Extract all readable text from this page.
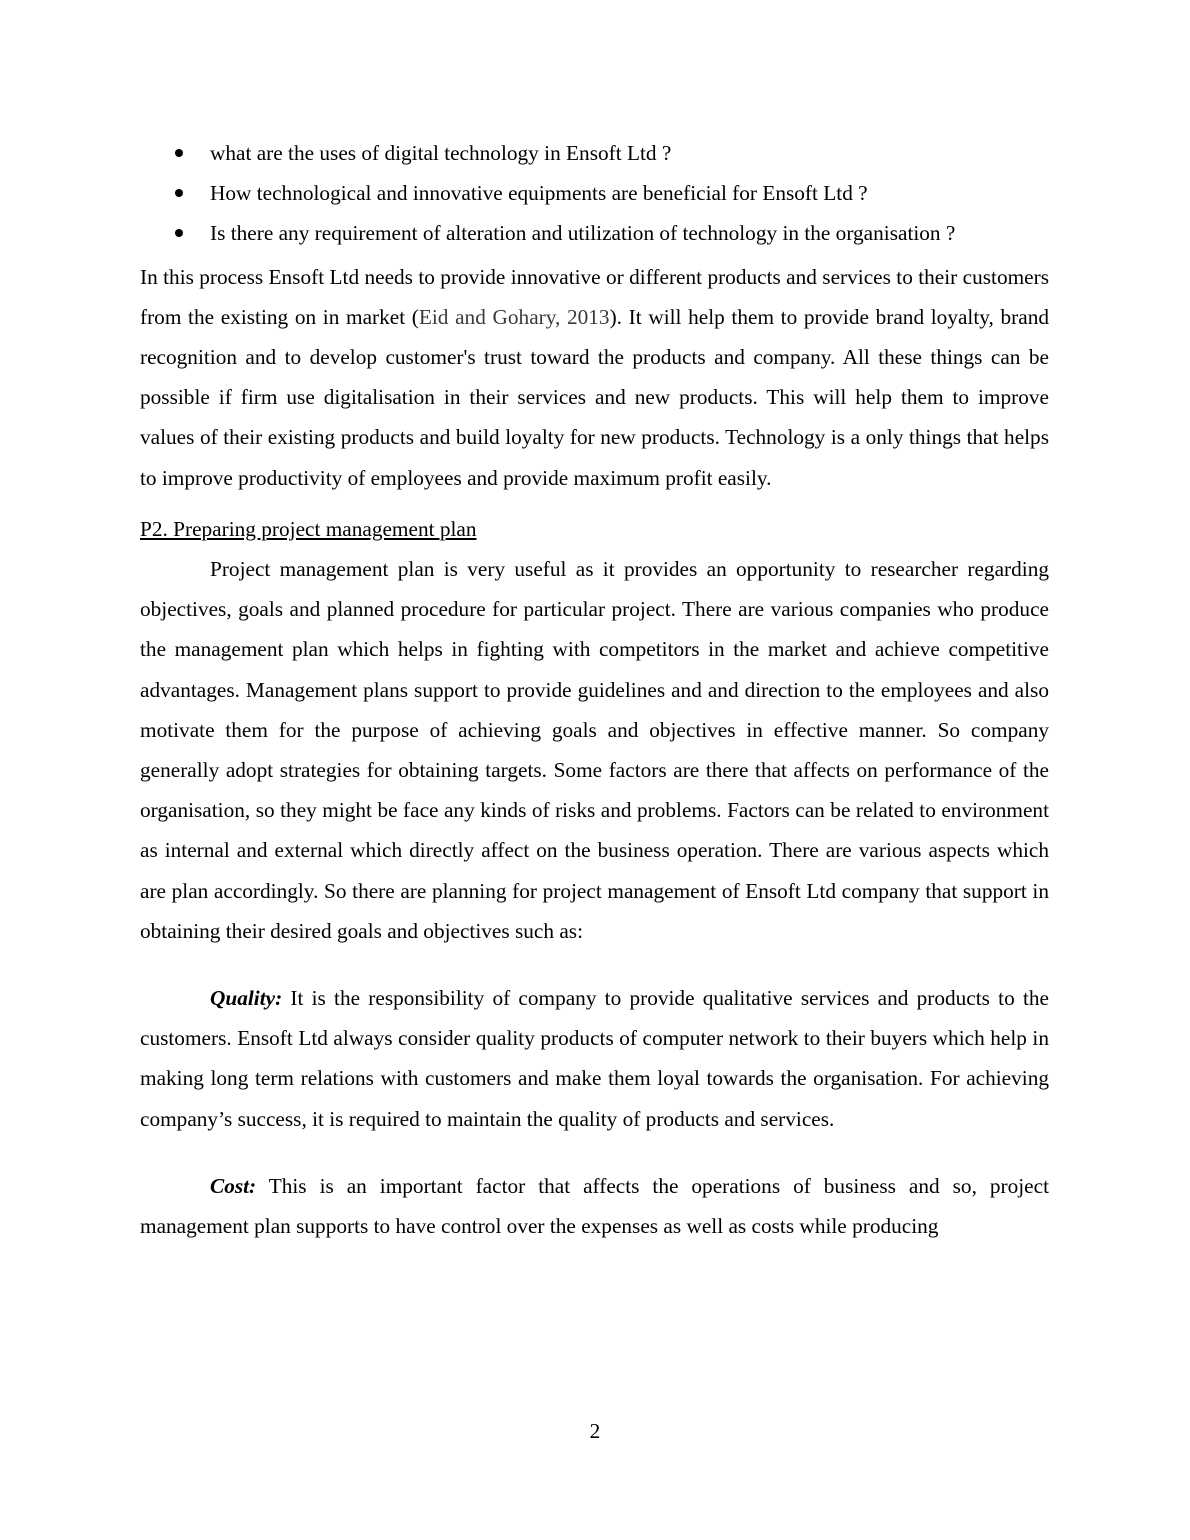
what are the uses of digital technology in Ensoft Ltd ?
How technological and innovative equipments are beneficial for Ensoft Ltd ?
Is there any requirement of alteration and utilization of technology in the organisation ?

In this process Ensoft Ltd needs to provide innovative or different products and services to their customers from the existing on in market (Eid and Gohary, 2013). It will help them to provide brand loyalty, brand recognition and to develop customer's trust toward the products and company. All these things can be possible if firm use digitalisation in their services and new products. This will help them to improve values of their existing products and build loyalty for new products. Technology is a only things that helps to improve productivity of employees and provide maximum profit easily.

P2. Preparing project management plan

Project management plan is very useful as it provides an opportunity to researcher regarding objectives, goals and planned procedure for particular project. There are various companies who produce the management plan which helps in fighting with competitors in the market and achieve competitive advantages. Management plans support to provide guidelines and and direction to the employees and also motivate them for the purpose of achieving goals and objectives in effective manner. So company generally adopt strategies for obtaining targets. Some factors are there that affects on performance of the organisation, so they might be face any kinds of risks and problems. Factors can be related to environment as internal and external which directly affect on the business operation. There are various aspects which are plan accordingly. So there are planning for project management of Ensoft Ltd company that support in obtaining their desired goals and objectives such as:

Quality: It is the responsibility of company to provide qualitative services and products to the customers. Ensoft Ltd always consider quality products of computer network to their buyers which help in making long term relations with customers and make them loyal towards the organisation. For achieving company’s success, it is required to maintain the quality of products and services.

Cost: This is an important factor that affects the operations of business and so, project management plan supports to have control over the expenses as well as costs while producing

2
